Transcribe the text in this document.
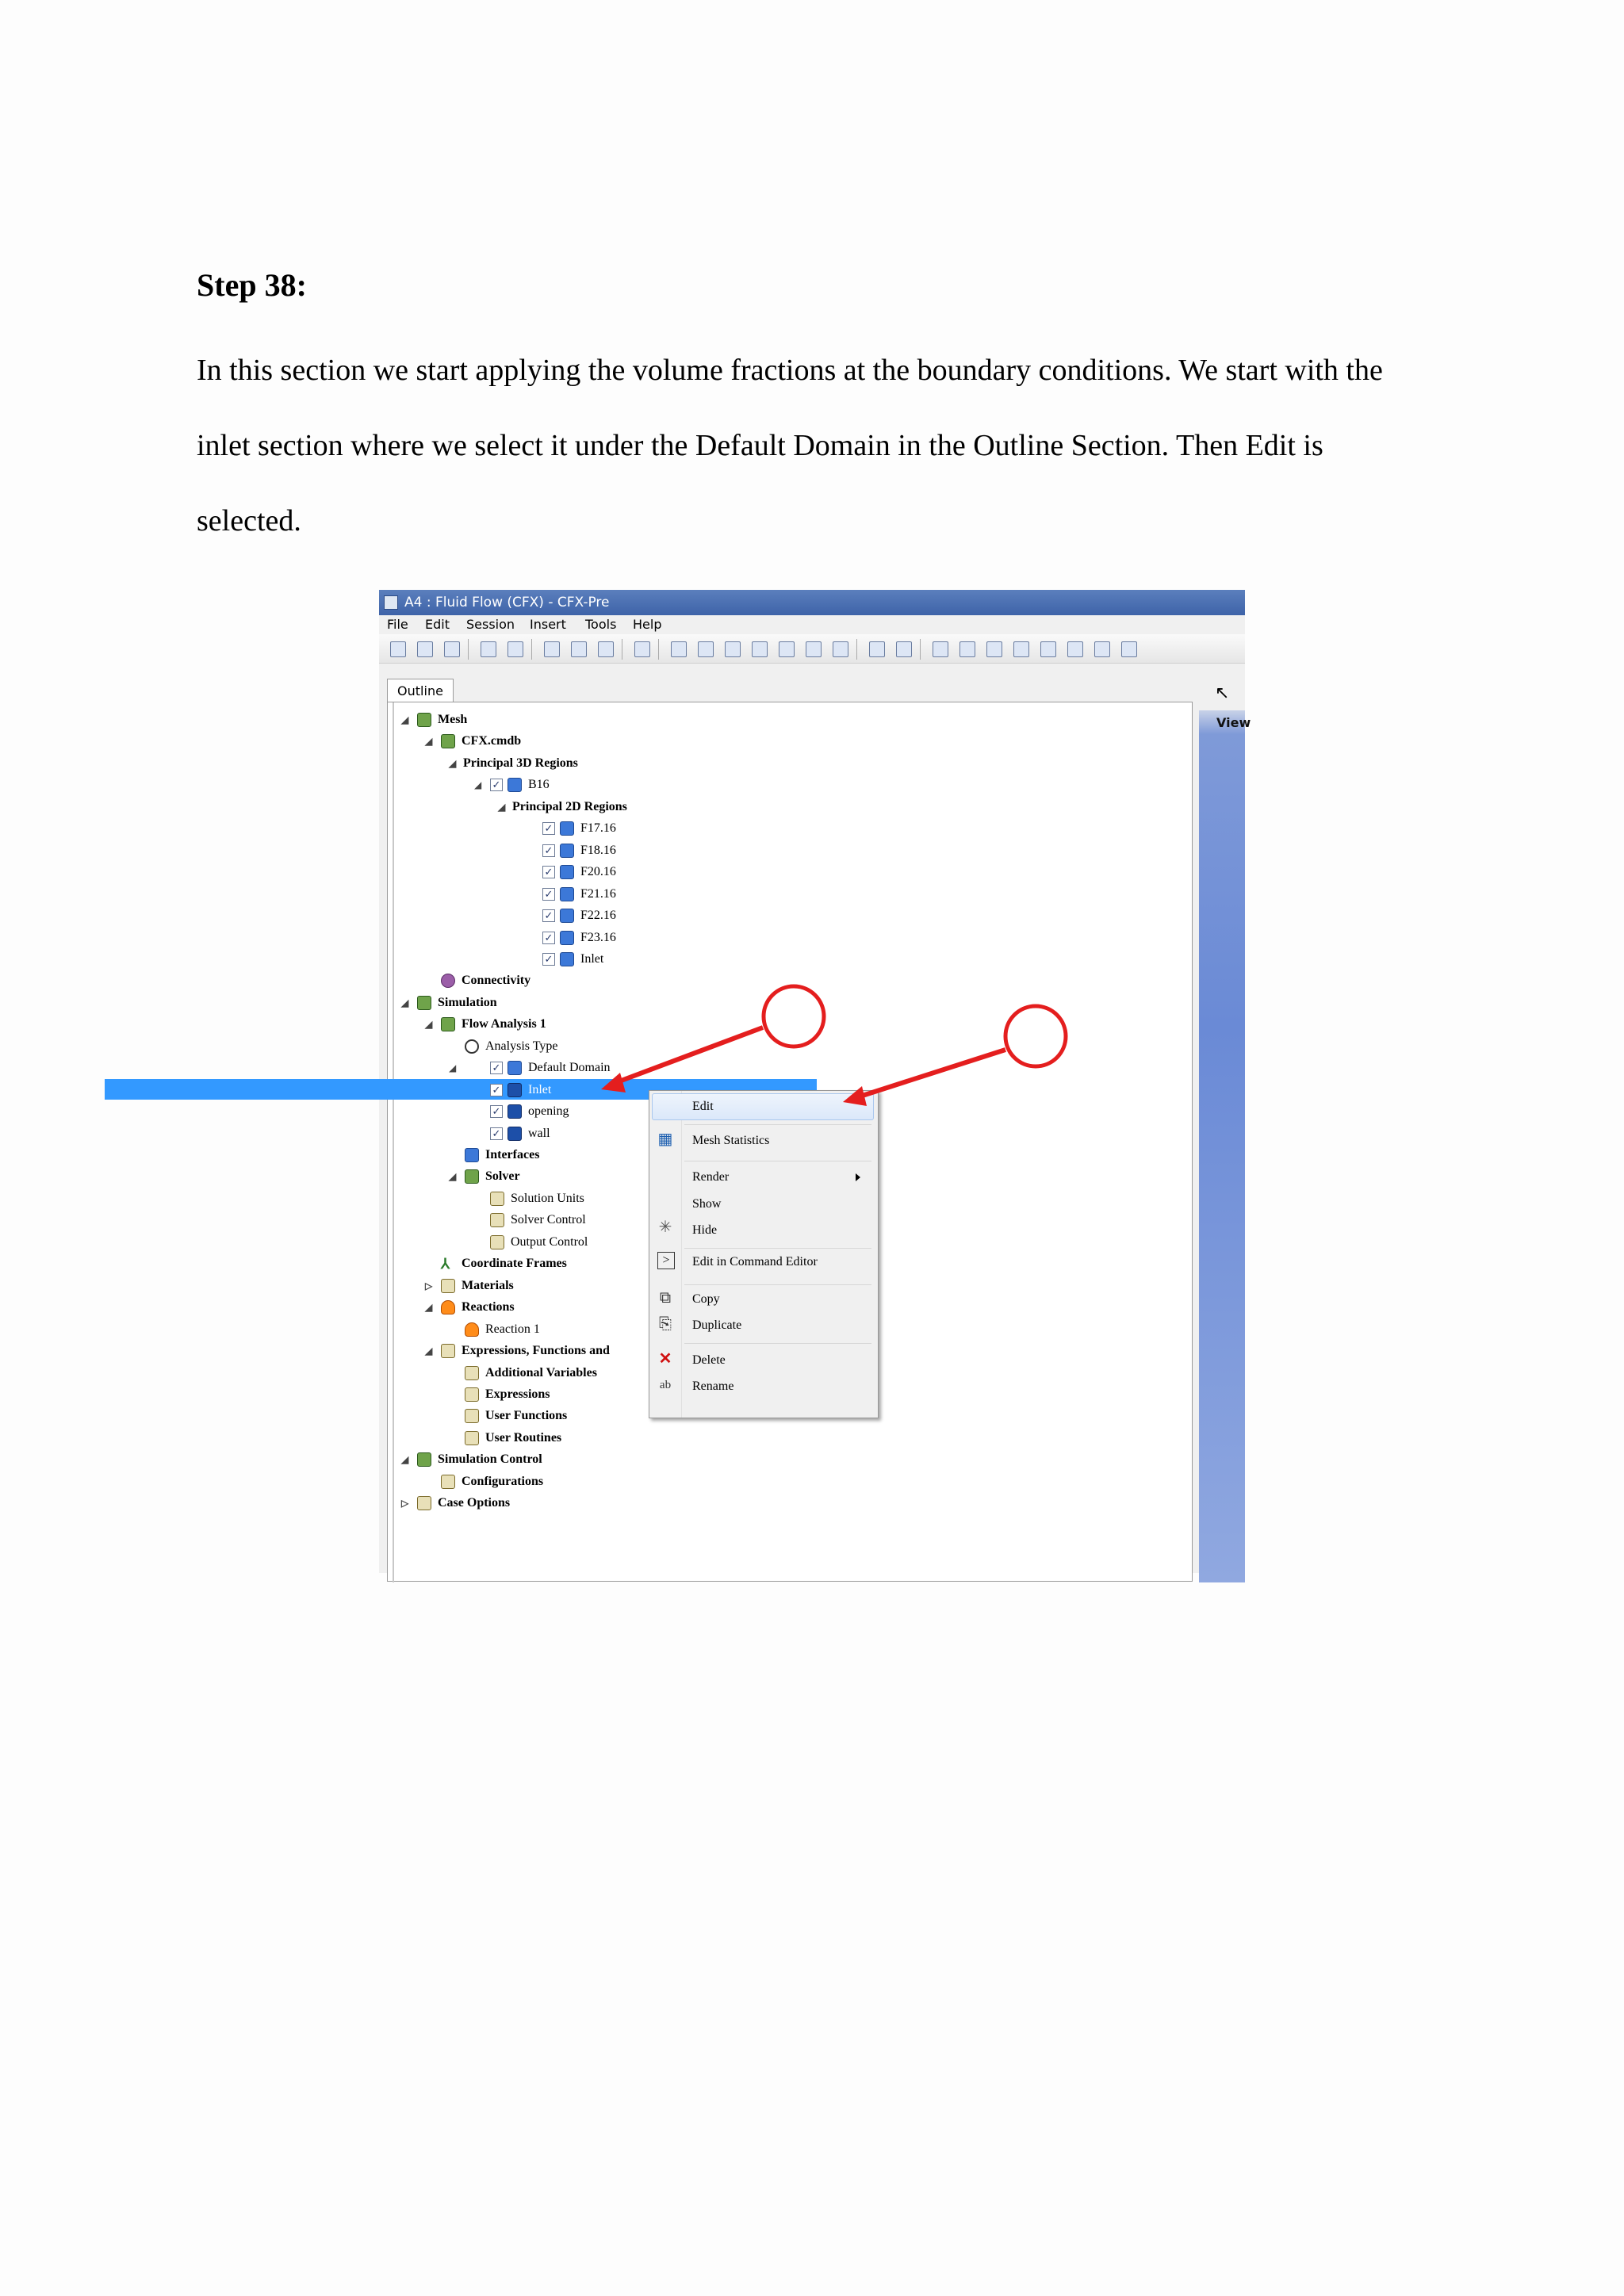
Step 38:
In this section we start applying the volume fractions at the boundary conditions. We start with the inlet section where we select it under the Default Domain in the Outline Section. Then Edit is selected.
A4 : Fluid Flow (CFX) - CFX-Pre
File Edit Session Insert Tools Help
Outline	↖
View
◢ Mesh
◢ CFX.cmdb
◢ Principal 3D Regions
◢ ✓ B16
◢ Principal 2D Regions
✓ F17.16
✓ F18.16
✓ F20.16
✓ F21.16
✓ F22.16
✓ F23.16
✓ Inlet
Connectivity
◢ Simulation
◢ Flow Analysis 1
Analysis Type
◢	✓ Default Domain
✓ Inlet
✓ opening
✓ wall
Interfaces
◢ Solver
Solution Units
Solver Control
Output Control
⅄ Coordinate Frames
▷ Materials
◢ Reactions
Reaction 1
◢ Expressions, Functions and
Additional Variables
Expressions
User Functions
User Routines
◢ Simulation Control
Configurations
▷ Case Options
Edit
▦ Mesh Statistics
Render
Show
✳ Hide
>	Edit in Command Editor
⧉	Copy
⎘ Duplicate
✕ Delete
ab	Rename
